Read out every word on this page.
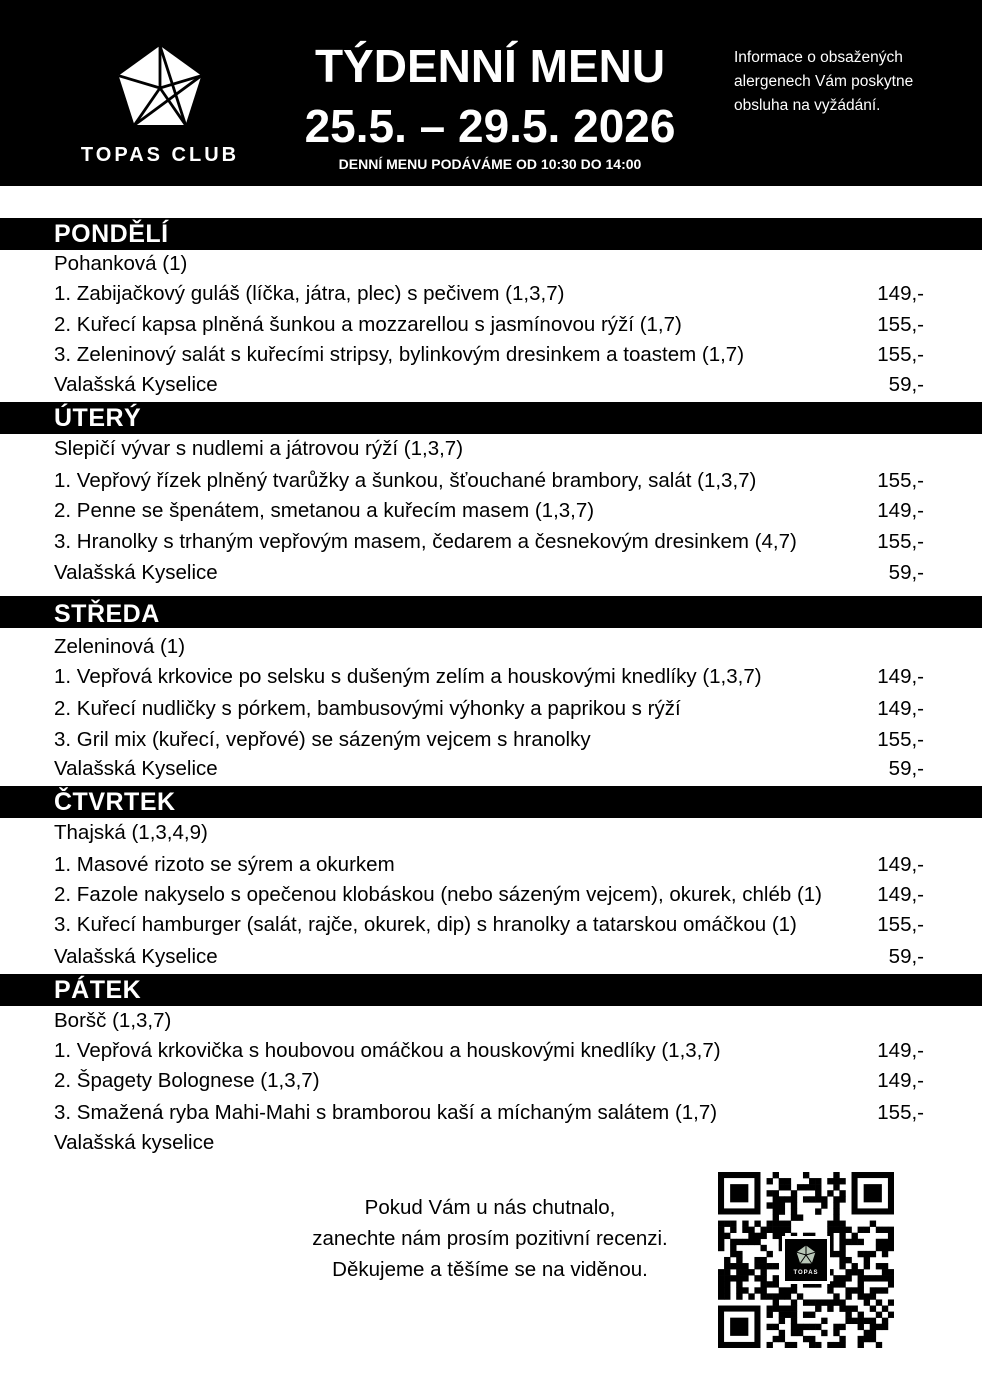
TOPAS CLUB
TÝDENNÍ MENU
25.5. – 29.5. 2026
DENNÍ MENU PODÁVÁME OD 10:30 DO 14:00
Informace o obsažených
alergenech Vám poskytne
obsluha na vyžádání.
PONDĚLÍ
Pohanková (1)
1. Zabijačkový guláš (líčka, játra, plec) s pečivem (1,3,7)	149,-
2. Kuřecí kapsa plněná šunkou a mozzarellou s jasmínovou rýží (1,7)	155,-
3. Zeleninový salát s kuřecími stripsy, bylinkovým dresinkem a toastem (1,7)	155,-
Valašská Kyselice	59,-
ÚTERÝ
Slepičí vývar s nudlemi a játrovou rýží (1,3,7)
1. Vepřový řízek plněný tvarůžky a šunkou, šťouchané brambory, salát (1,3,7)	155,-
2. Penne se špenátem, smetanou a kuřecím masem (1,3,7)	149,-
3. Hranolky s trhaným vepřovým masem, čedarem a česnekovým dresinkem (4,7)	155,-
Valašská Kyselice	59,-
STŘEDA
Zeleninová (1)
1. Vepřová krkovice po selsku s dušeným zelím a houskovými knedlíky (1,3,7)	149,-
2. Kuřecí nudličky s pórkem, bambusovými výhonky a paprikou s rýží	149,-
3. Gril mix (kuřecí, vepřové) se sázeným vejcem s hranolky	155,-
Valašská Kyselice	59,-
ČTVRTEK
Thajská (1,3,4,9)
1. Masové rizoto se sýrem a okurkem	149,-
2. Fazole nakyselo s opečenou klobáskou (nebo sázeným vejcem), okurek, chléb (1)	149,-
3. Kuřecí hamburger (salát, rajče, okurek, dip) s hranolky a tatarskou omáčkou (1)	155,-
Valašská Kyselice	59,-
PÁTEK
Boršč (1,3,7)
1. Vepřová krkovička s houbovou omáčkou a houskovými knedlíky (1,3,7)	149,-
2. Špagety Bolognese (1,3,7)	149,-
3. Smažená ryba Mahi-Mahi s bramborou kaší a míchaným salátem (1,7)	155,-
Valašská kyselice
Pokud Vám u nás chutnalo,
zanechte nám prosím pozitivní recenzi.
Děkujeme a těšíme se na viděnou.	TOPAS
